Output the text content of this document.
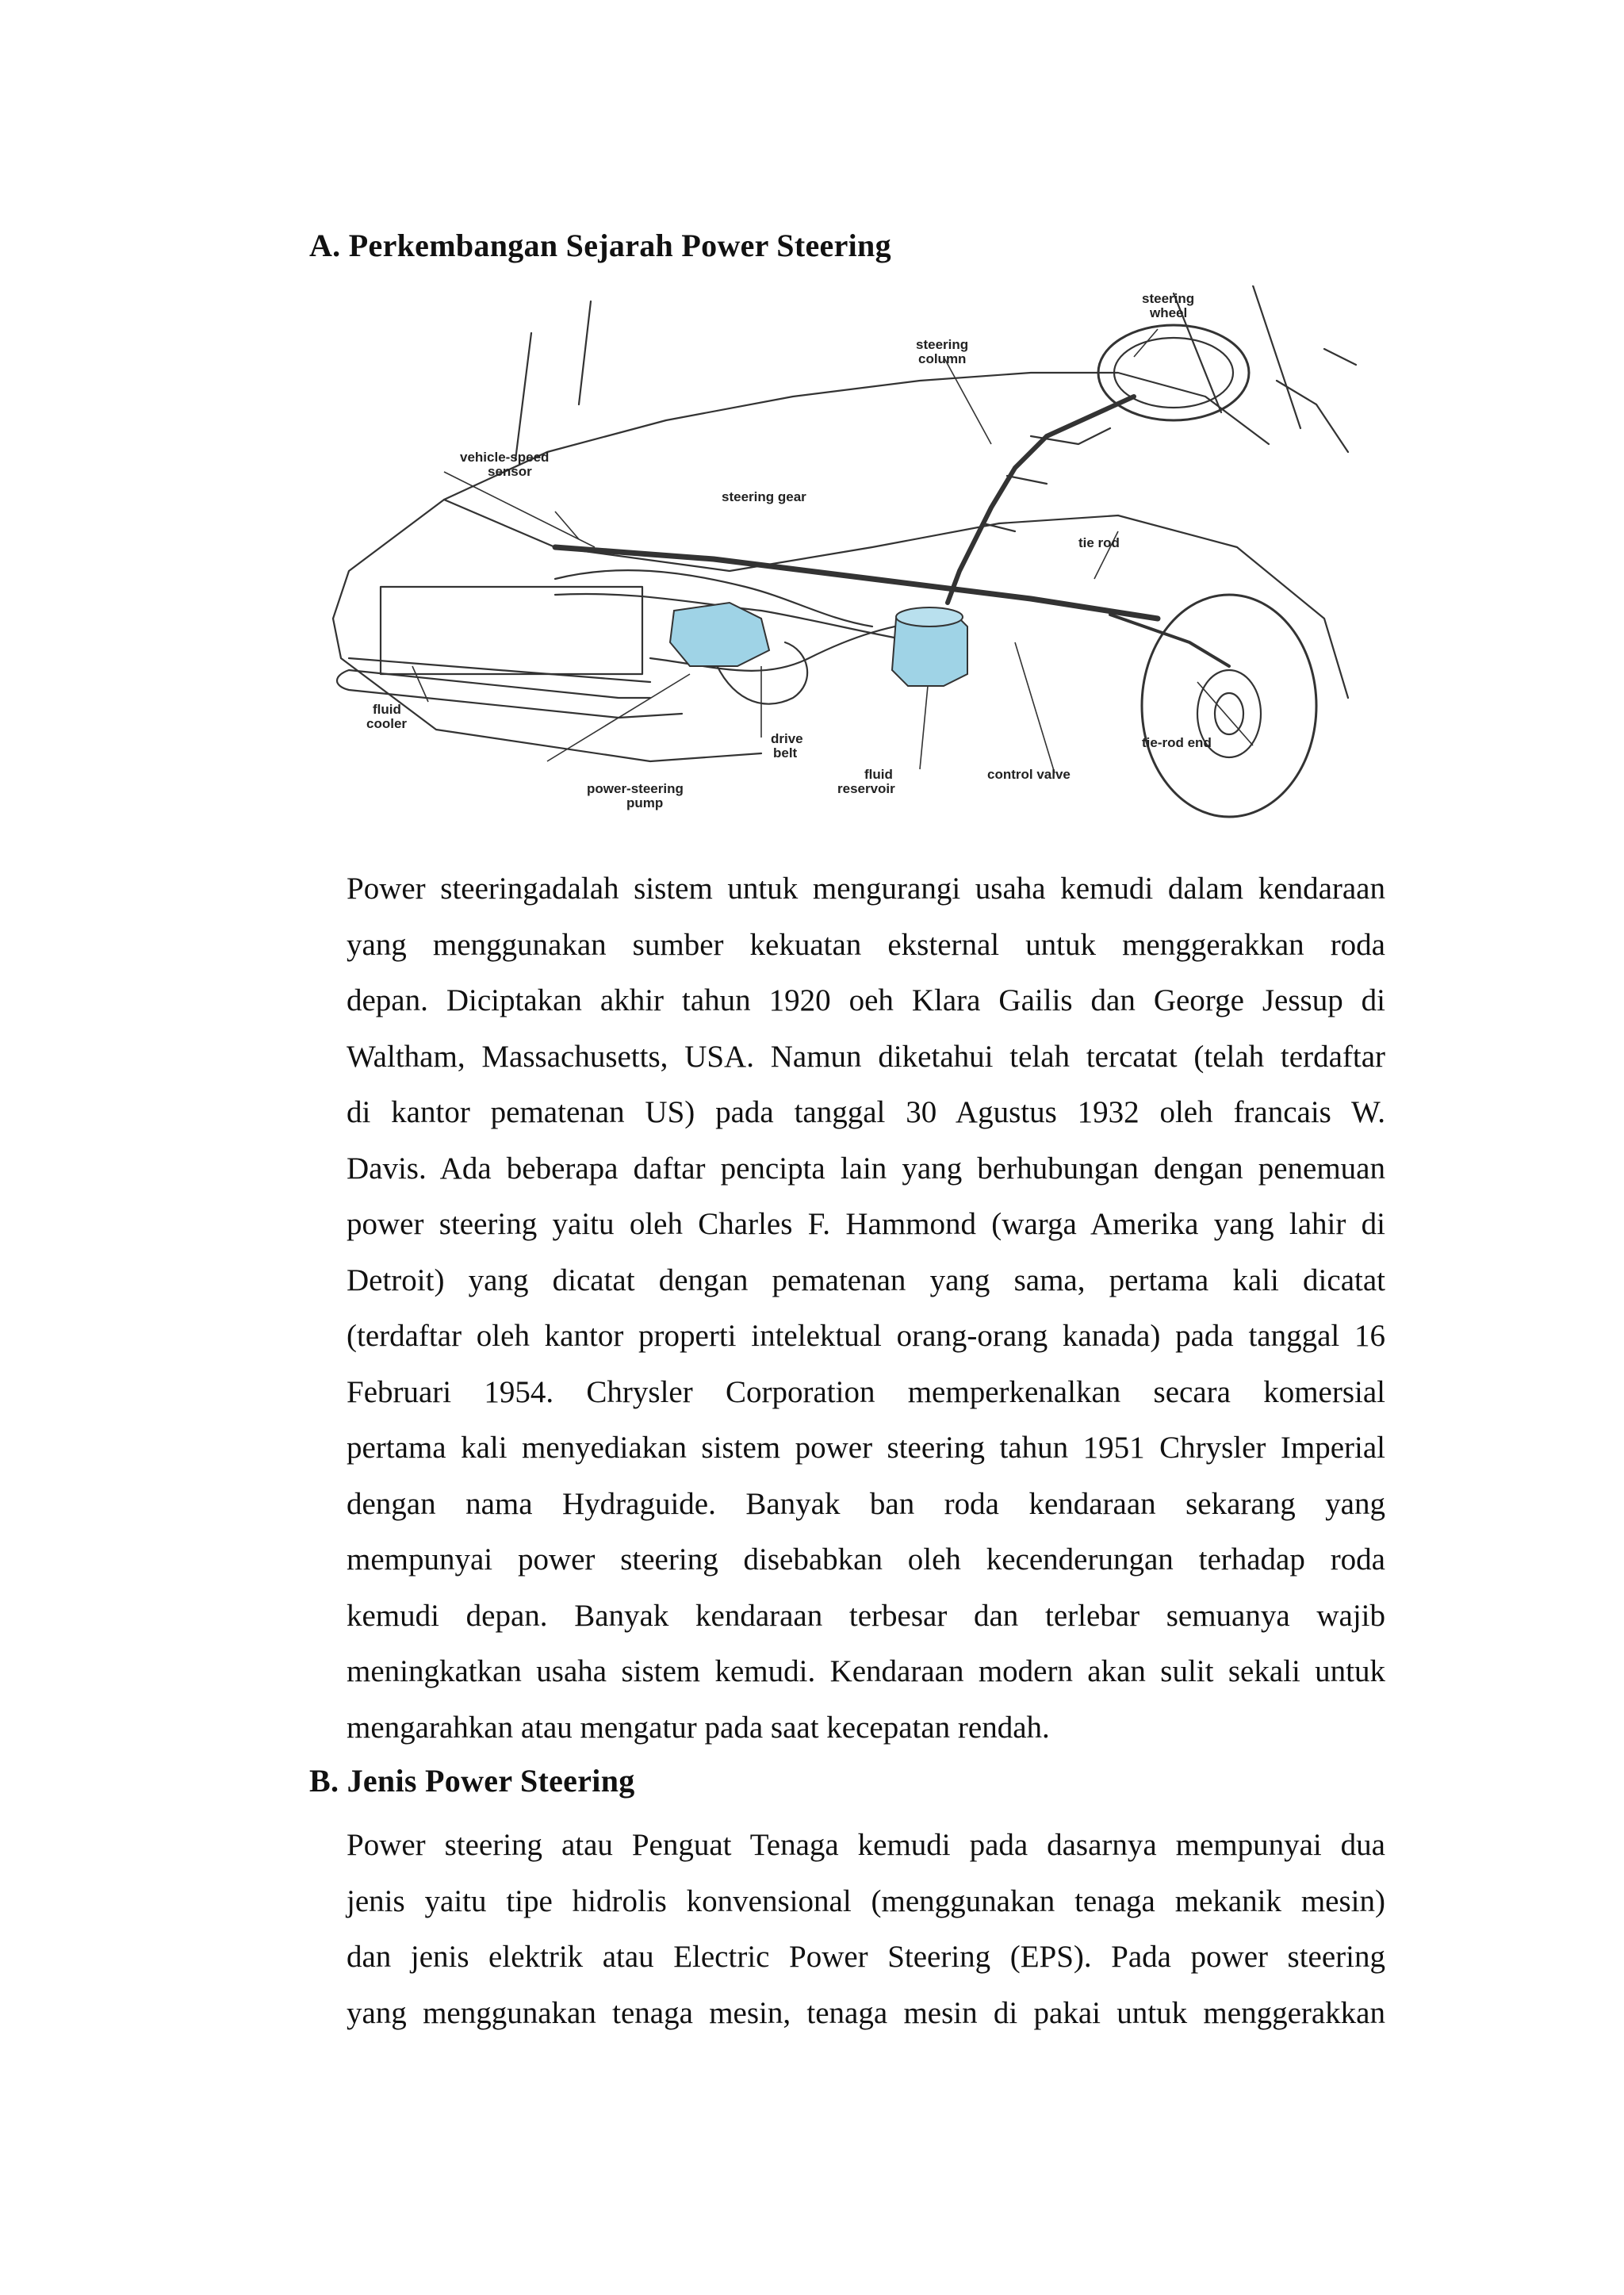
A. Perkembangan Sejarah Power Steering
steering wheel
steering column
vehicle-speed sensor
steering gear
tie rod
fluid cooler
drive belt
power-steering pump
fluid reservoir
control valve
tie-rod end
Power steeringadalah sistem untuk mengurangi usaha kemudi dalam kendaraan
yang menggunakan sumber kekuatan eksternal untuk menggerakkan roda
depan. Diciptakan akhir tahun 1920 oeh Klara Gailis dan George Jessup di
Waltham, Massachusetts, USA. Namun diketahui telah tercatat (telah terdaftar
di kantor pematenan US) pada tanggal 30 Agustus 1932 oleh francais W.
Davis. Ada beberapa daftar pencipta lain yang berhubungan dengan penemuan
power steering yaitu oleh Charles F. Hammond (warga Amerika yang lahir di
Detroit) yang dicatat dengan pematenan yang sama, pertama kali dicatat
(terdaftar oleh kantor properti intelektual orang-orang kanada) pada tanggal 16
Februari 1954. Chrysler Corporation memperkenalkan secara komersial
pertama kali menyediakan sistem power steering tahun 1951 Chrysler Imperial
dengan nama Hydraguide. Banyak ban roda kendaraan sekarang yang
mempunyai power steering disebabkan oleh kecenderungan terhadap roda
kemudi depan. Banyak kendaraan terbesar dan terlebar semuanya wajib
meningkatkan usaha sistem kemudi. Kendaraan modern akan sulit sekali untuk
mengarahkan atau mengatur pada saat kecepatan rendah.
B. Jenis Power Steering
Power steering atau Penguat Tenaga kemudi pada dasarnya mempunyai dua
jenis yaitu tipe hidrolis konvensional (menggunakan tenaga mekanik mesin)
dan jenis elektrik atau Electric Power Steering (EPS). Pada power steering
yang menggunakan tenaga mesin, tenaga mesin di pakai untuk menggerakkan
